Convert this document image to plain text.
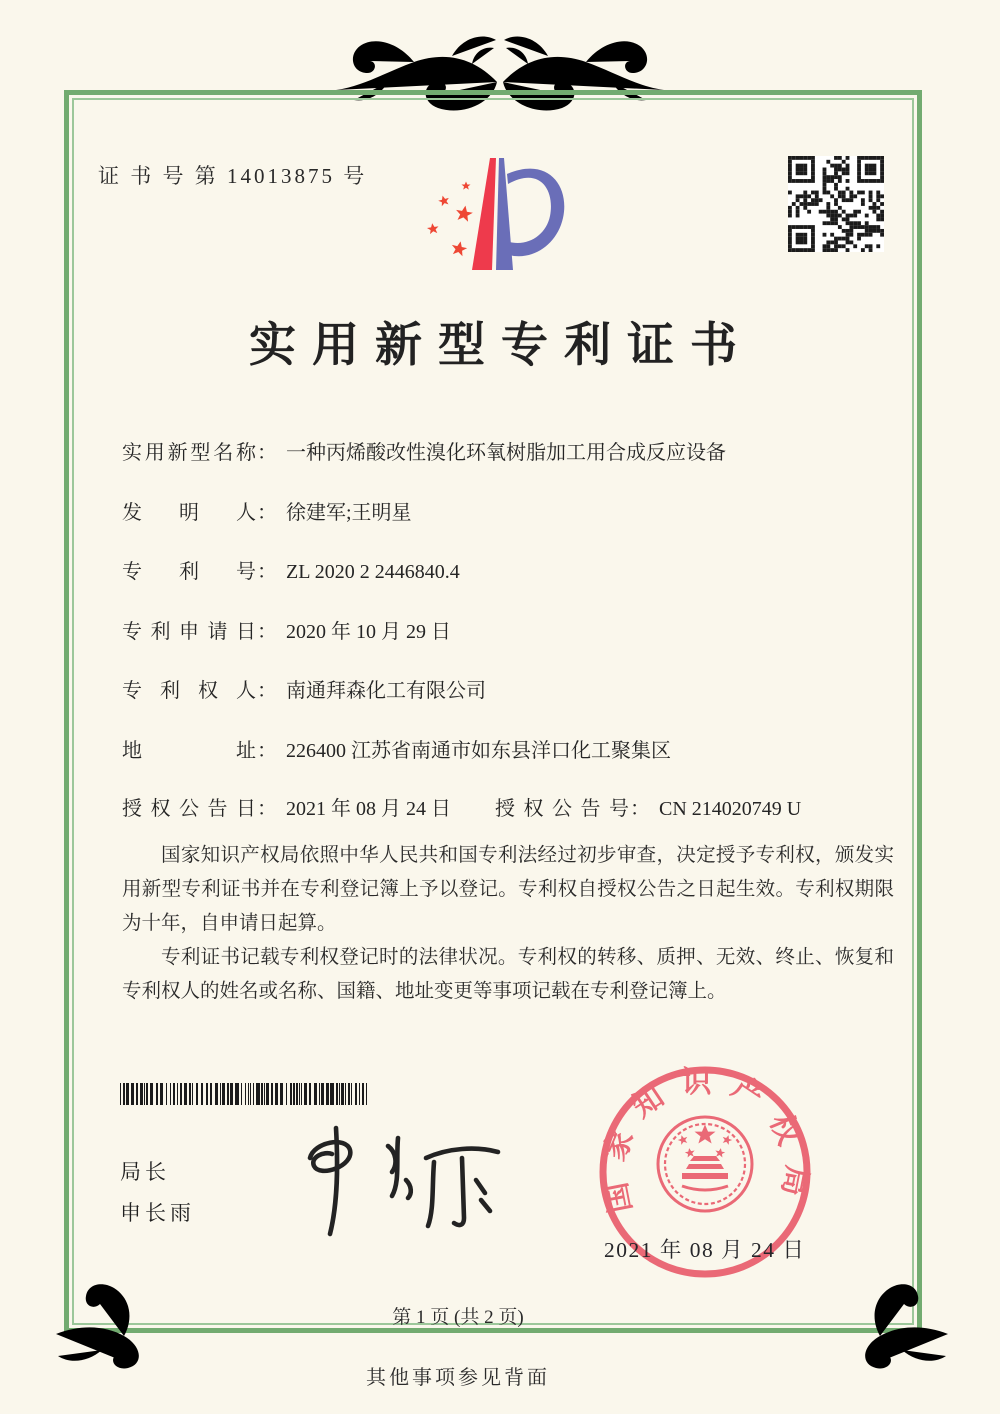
证 书 号 第 14013875 号
实用新型专利证书
实用新型名称： 一种丙烯酸改性溴化环氧树脂加工用合成反应设备
发明人： 徐建军;王明星
专利号： ZL 2020 2 2446840.4
专利申请日： 2020 年 10 月 29 日
专利权人： 南通拜森化工有限公司
地址： 226400 江苏省南通市如东县洋口化工聚集区
授权公告日： 2021 年 08 月 24 日 授权公告号： CN 214020749 U

国家知识产权局依照中华人民共和国专利法经过初步审查，决定授予专利权，颁发实用新型专利证书并在专利登记簿上予以登记。专利权自授权公告之日起生效。专利权期限为十年，自申请日起算。

专利证书记载专利权登记时的法律状况。专利权的转移、质押、无效、终止、恢复和专利权人的姓名或名称、国籍、地址变更等事项记载在专利登记簿上。

局长
申长雨	国家知识产权局
2021 年 08 月 24 日
第 1 页 (共 2 页)
其他事项参见背面
